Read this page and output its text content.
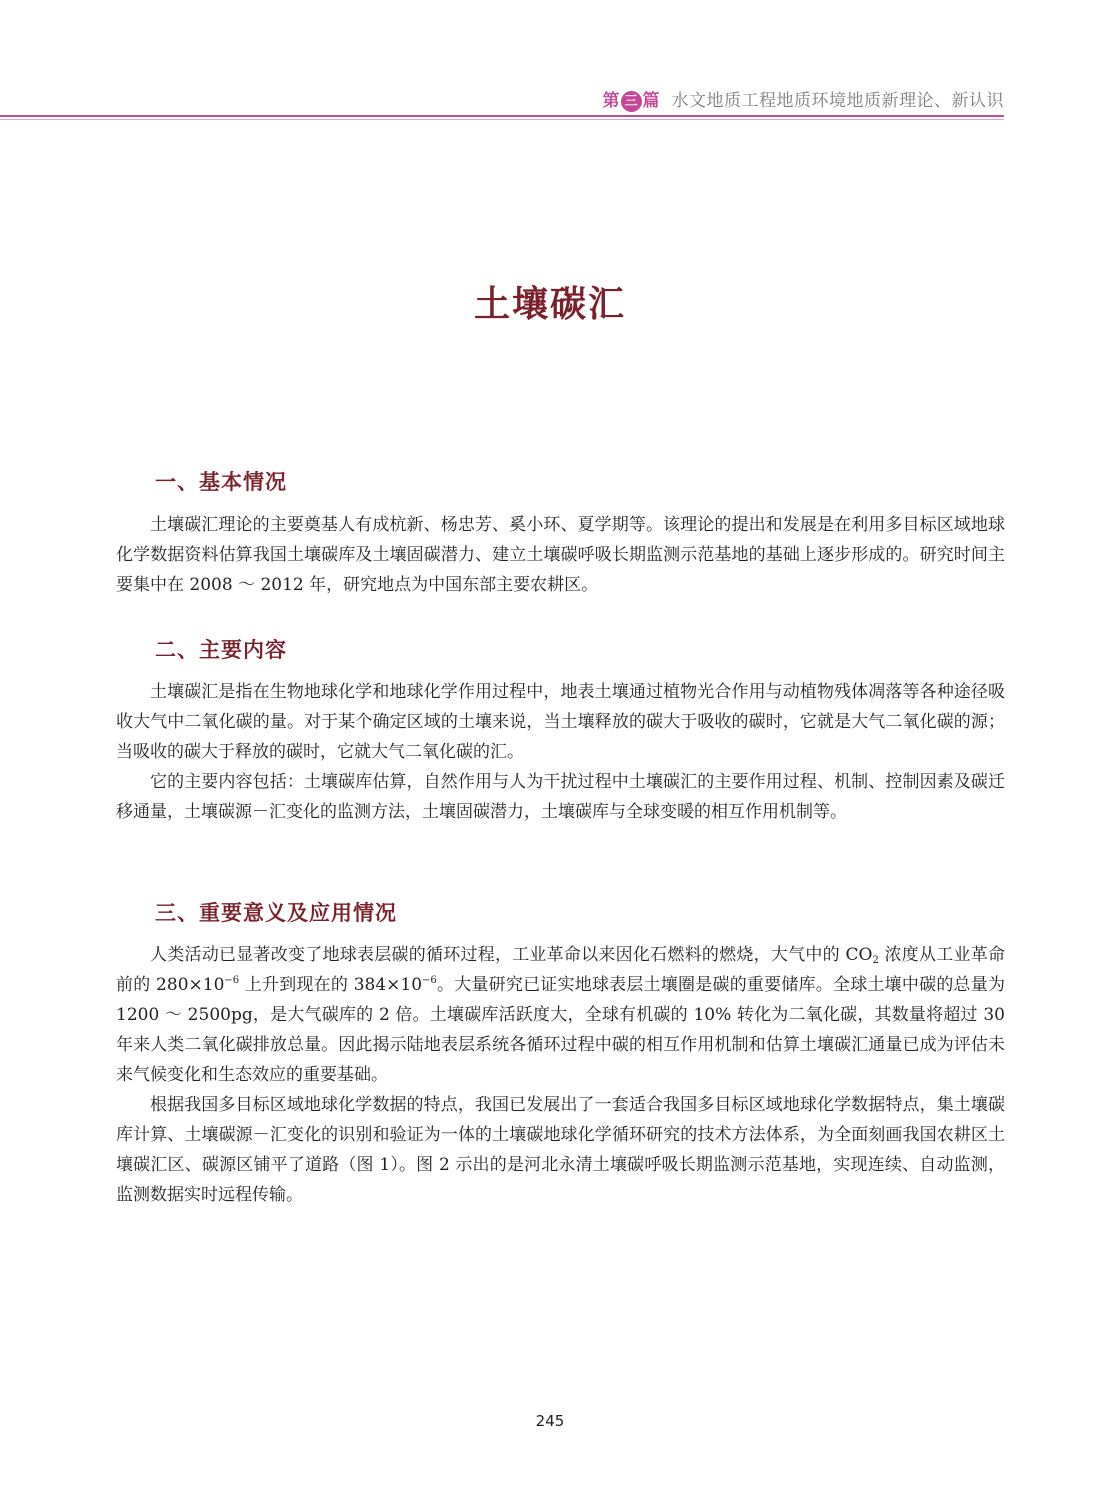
第 三 篇 水文地质工程地质环境地质新理论、新认识
土壤碳汇
一、基本情况

土壤碳汇理论的主要奠基人有成杭新、杨忠芳、奚小环、夏学期等。该理论的提出和发展是在利用多目标区域地球化学数据资料估算我国土壤碳库及土壤固碳潜力、建立土壤碳呼吸长期监测示范基地的基础上逐步形成的。研究时间主要集中在 2008 ～ 2012 年，研究地点为中国东部主要农耕区。

二、主要内容

土壤碳汇是指在生物地球化学和地球化学作用过程中，地表土壤通过植物光合作用与动植物残体凋落等各种途径吸收大气中二氧化碳的量。对于某个确定区域的土壤来说，当土壤释放的碳大于吸收的碳时，它就是大气二氧化碳的源；当吸收的碳大于释放的碳时，它就大气二氧化碳的汇。

它的主要内容包括：土壤碳库估算，自然作用与人为干扰过程中土壤碳汇的主要作用过程、机制、控制因素及碳迁移通量，土壤碳源－汇变化的监测方法，土壤固碳潜力，土壤碳库与全球变暖的相互作用机制等。

三、重要意义及应用情况

人类活动已显著改变了地球表层碳的循环过程，工业革命以来因化石燃料的燃烧，大气中的 $CO_2$ 浓度从工业革命前的 $280\times 10^{-6}$ 上升到现在的 $384\times 10^{-6}$。大量研究已证实地球表层土壤圈是碳的重要储库。全球土壤中碳的总量为 1200 ～ 2500pg，是大气碳库的 2 倍。土壤碳库活跃度大，全球有机碳的 10% 转化为二氧化碳，其数量将超过 30 年来人类二氧化碳排放总量。因此揭示陆地表层系统各循环过程中碳的相互作用机制和估算土壤碳汇通量已成为评估未来气候变化和生态效应的重要基础。

根据我国多目标区域地球化学数据的特点，我国已发展出了一套适合我国多目标区域地球化学数据特点，集土壤碳库计算、土壤碳源－汇变化的识别和验证为一体的土壤碳地球化学循环研究的技术方法体系，为全面刻画我国农耕区土壤碳汇区、碳源区铺平了道路（图 1）。图 2 示出的是河北永清土壤碳呼吸长期监测示范基地，实现连续、自动监测，监测数据实时远程传输。

245
